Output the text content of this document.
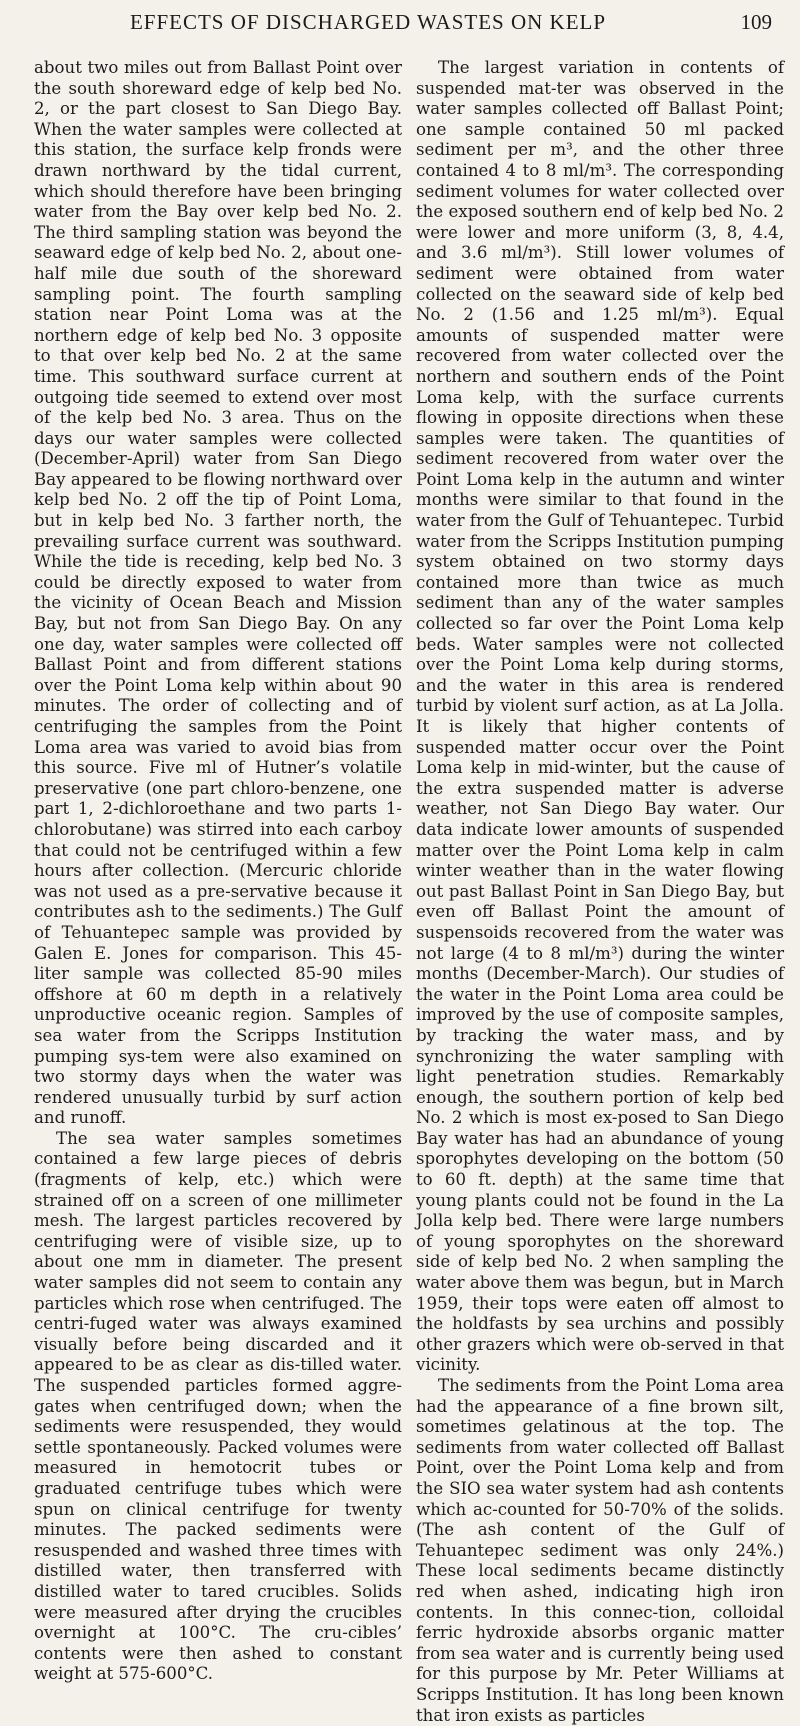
EFFECTS OF DISCHARGED WASTES ON KELP	109

about two miles out from Ballast Point over the south shoreward edge of kelp bed No. 2, or the part closest to San Diego Bay. When the water samples were collected at this station, the surface kelp fronds were drawn northward by the tidal current, which should therefore have been bringing water from the Bay over kelp bed No. 2. The third sampling station was beyond the seaward edge of kelp bed No. 2, about one-half mile due south of the shoreward sampling point. The fourth sampling station near Point Loma was at the northern edge of kelp bed No. 3 opposite to that over kelp bed No. 2 at the same time. This southward surface current at outgoing tide seemed to extend over most of the kelp bed No. 3 area. Thus on the days our water samples were collected (December-April) water from San Diego Bay appeared to be flowing northward over kelp bed No. 2 off the tip of Point Loma, but in kelp bed No. 3 farther north, the prevailing surface current was southward. While the tide is receding, kelp bed No. 3 could be directly exposed to water from the vicinity of Ocean Beach and Mission Bay, but not from San Diego Bay. On any one day, water samples were collected off Ballast Point and from different stations over the Point Loma kelp within about 90 minutes. The order of collecting and of centrifuging the samples from the Point Loma area was varied to avoid bias from this source. Five ml of Hutner’s volatile preservative (one part chloro-benzene, one part 1, 2-dichloroethane and two parts 1-chlorobutane) was stirred into each carboy that could not be centrifuged within a few hours after collection. (Mercuric chloride was not used as a pre-servative because it contributes ash to the sediments.) The Gulf of Tehuantepec sample was provided by Galen E. Jones for comparison. This 45-liter sample was collected 85-90 miles offshore at 60 m depth in a relatively unproductive oceanic region. Samples of sea water from the Scripps Institution pumping sys-tem were also examined on two stormy days when the water was rendered unusually turbid by surf action and runoff.

The sea water samples sometimes contained a few large pieces of debris (fragments of kelp, etc.) which were strained off on a screen of one millimeter mesh. The largest particles recovered by centrifuging were of visible size, up to about one mm in diameter. The present water samples did not seem to contain any particles which rose when centrifuged. The centri-fuged water was always examined visually before being discarded and it appeared to be as clear as dis-tilled water. The suspended particles formed aggre-gates when centrifuged down; when the sediments were resuspended, they would settle spontaneously. Packed volumes were measured in hemotocrit tubes or graduated centrifuge tubes which were spun on clinical centrifuge for twenty minutes. The packed sediments were resuspended and washed three times with distilled water, then transferred with distilled water to tared crucibles. Solids were measured after drying the crucibles overnight at 100°C. The cru-cibles’ contents were then ashed to constant weight at 575-600°C.

The largest variation in contents of suspended mat-ter was observed in the water samples collected off Ballast Point; one sample contained 50 ml packed sediment per m³, and the other three contained 4 to 8 ml/m³. The corresponding sediment volumes for water collected over the exposed southern end of kelp bed No. 2 were lower and more uniform (3, 8, 4.4, and 3.6 ml/m³). Still lower volumes of sediment were obtained from water collected on the seaward side of kelp bed No. 2 (1.56 and 1.25 ml/m³). Equal amounts of suspended matter were recovered from water collected over the northern and southern ends of the Point Loma kelp, with the surface currents flowing in opposite directions when these samples were taken. The quantities of sediment recovered from water over the Point Loma kelp in the autumn and winter months were similar to that found in the water from the Gulf of Tehuantepec. Turbid water from the Scripps Institution pumping system obtained on two stormy days contained more than twice as much sediment than any of the water samples collected so far over the Point Loma kelp beds. Water samples were not collected over the Point Loma kelp during storms, and the water in this area is rendered turbid by violent surf action, as at La Jolla. It is likely that higher contents of suspended matter occur over the Point Loma kelp in mid-winter, but the cause of the extra suspended matter is adverse weather, not San Diego Bay water. Our data indicate lower amounts of suspended matter over the Point Loma kelp in calm winter weather than in the water flowing out past Ballast Point in San Diego Bay, but even off Ballast Point the amount of suspensoids recovered from the water was not large (4 to 8 ml/m³) during the winter months (December-March). Our studies of the water in the Point Loma area could be improved by the use of composite samples, by tracking the water mass, and by synchronizing the water sampling with light penetration studies. Remarkably enough, the southern portion of kelp bed No. 2 which is most ex-posed to San Diego Bay water has had an abundance of young sporophytes developing on the bottom (50 to 60 ft. depth) at the same time that young plants could not be found in the La Jolla kelp bed. There were large numbers of young sporophytes on the shoreward side of kelp bed No. 2 when sampling the water above them was begun, but in March 1959, their tops were eaten off almost to the holdfasts by sea urchins and possibly other grazers which were ob-served in that vicinity.

The sediments from the Point Loma area had the appearance of a fine brown silt, sometimes gelatinous at the top. The sediments from water collected off Ballast Point, over the Point Loma kelp and from the SIO sea water system had ash contents which ac-counted for 50-70% of the solids. (The ash content of the Gulf of Tehuantepec sediment was only 24%.) These local sediments became distinctly red when ashed, indicating high iron contents. In this connec-tion, colloidal ferric hydroxide absorbs organic matter from sea water and is currently being used for this purpose by Mr. Peter Williams at Scripps Institution. It has long been known that iron exists as particles
